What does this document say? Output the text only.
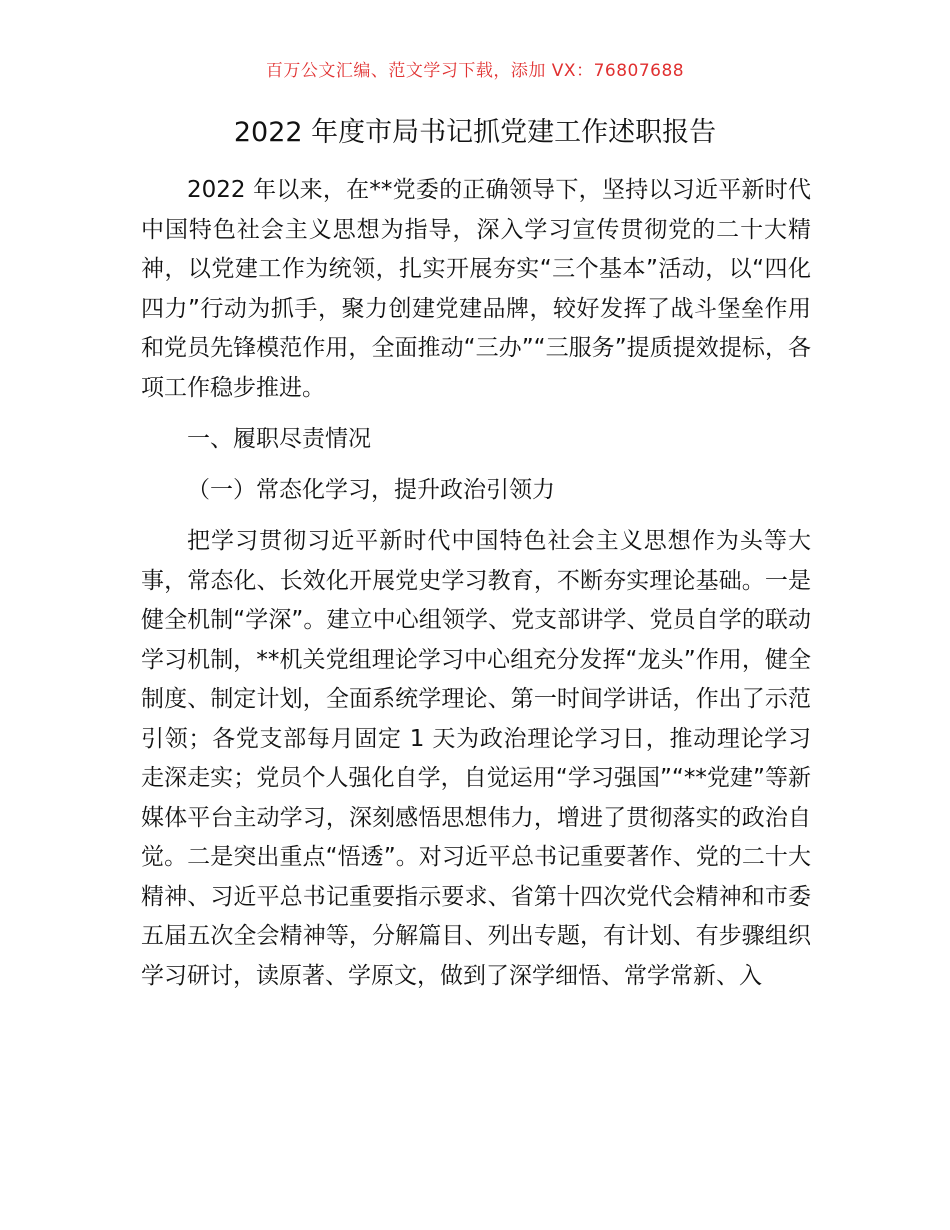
百万公文汇编、范文学习下载，添加 VX：76807688
2022 年度市局书记抓党建工作述职报告

2022 年以来，在**党委的正确领导下，坚持以习近平新时代中国特色社会主义思想为指导，深入学习宣传贯彻党的二十大精神，以党建工作为统领，扎实开展夯实“三个基本”活动，以“四化四力”行动为抓手，聚力创建党建品牌，较好发挥了战斗堡垒作用和党员先锋模范作用，全面推动“三办”“三服务”提质提效提标，各项工作稳步推进。

一、履职尽责情况

（一）常态化学习，提升政治引领力

把学习贯彻习近平新时代中国特色社会主义思想作为头等大事，常态化、长效化开展党史学习教育，不断夯实理论基础。一是健全机制“学深”。建立中心组领学、党支部讲学、党员自学的联动学习机制，**机关党组理论学习中心组充分发挥“龙头”作用，健全制度、制定计划，全面系统学理论、第一时间学讲话，作出了示范引领；各党支部每月固定 1 天为政治理论学习日，推动理论学习走深走实；党员个人强化自学，自觉运用“学习强国”“**党建”等新媒体平台主动学习，深刻感悟思想伟力，增进了贯彻落实的政治自觉。二是突出重点“悟透”。对习近平总书记重要著作、党的二十大精神、习近平总书记重要指示要求、省第十四次党代会精神和市委五届五次全会精神等，分解篇目、列出专题，有计划、有步骤组织学习研讨，读原著、学原文，做到了深学细悟、常学常新、入
